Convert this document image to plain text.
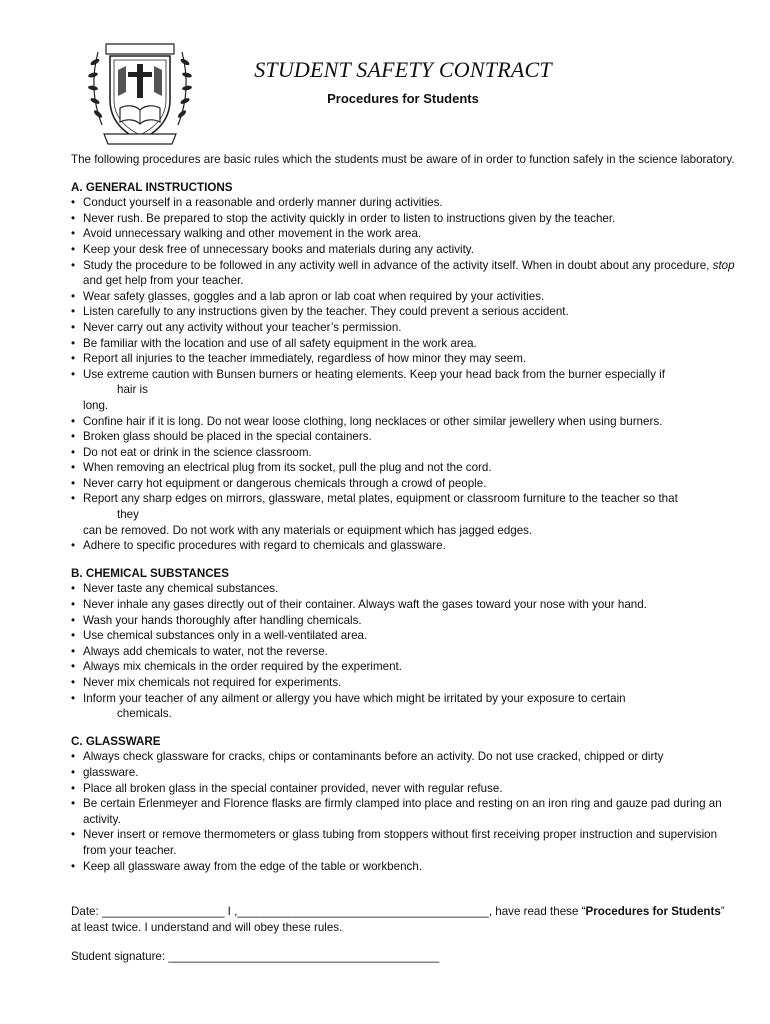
STUDENT SAFETY CONTRACT
Procedures for Students

The following procedures are basic rules which the students must be aware of in order to function safely in the science laboratory.

A. GENERAL INSTRUCTIONS

• Conduct yourself in a reasonable and orderly manner during activities.
• Never rush. Be prepared to stop the activity quickly in order to listen to instructions given by the teacher.
• Avoid unnecessary walking and other movement in the work area.
• Keep your desk free of unnecessary books and materials during any activity.
• Study the procedure to be followed in any activity well in advance of the activity itself. When in doubt about any procedure, stop and get help from your teacher.
• Wear safety glasses, goggles and a lab apron or lab coat when required by your activities.
• Listen carefully to any instructions given by the teacher. They could prevent a serious accident.
• Never carry out any activity without your teacher’s permission.
• Be familiar with the location and use of all safety equipment in the work area.
• Report all injuries to the teacher immediately, regardless of how minor they may seem.
• Use extreme caution with Bunsen burners or heating elements. Keep your head back from the burner especially if
hair is
long.
• Confine hair if it is long. Do not wear loose clothing, long necklaces or other similar jewellery when using burners.
• Broken glass should be placed in the special containers.
• Do not eat or drink in the science classroom.
• When removing an electrical plug from its socket, pull the plug and not the cord.
• Never carry hot equipment or dangerous chemicals through a crowd of people.
• Report any sharp edges on mirrors, glassware, metal plates, equipment or classroom furniture to the teacher so that
they
can be removed. Do not work with any materials or equipment which has jagged edges.
• Adhere to specific procedures with regard to chemicals and glassware.

B. CHEMICAL SUBSTANCES

• Never taste any chemical substances.
• Never inhale any gases directly out of their container. Always waft the gases toward your nose with your hand.
• Wash your hands thoroughly after handling chemicals.
• Use chemical substances only in a well-ventilated area.
• Always add chemicals to water, not the reverse.
• Always mix chemicals in the order required by the experiment.
• Never mix chemicals not required for experiments.
• Inform your teacher of any ailment or allergy you have which might be irritated by your exposure to certain
chemicals.

C. GLASSWARE

• Always check glassware for cracks, chips or contaminants before an activity. Do not use cracked, chipped or dirty
• glassware.
• Place all broken glass in the special container provided, never with regular refuse.
• Be certain Erlenmeyer and Florence flasks are firmly clamped into place and resting on an iron ring and gauze pad during an activity.
• Never insert or remove thermometers or glass tubing from stoppers without first receiving proper instruction and supervision from your teacher.
• Keep all glassware away from the edge of the table or workbench.
Date: ___________________ I ,_______________________________________, have read these “Procedures for Students” at least twice. I understand and will obey these rules.
Student signature: __________________________________________
